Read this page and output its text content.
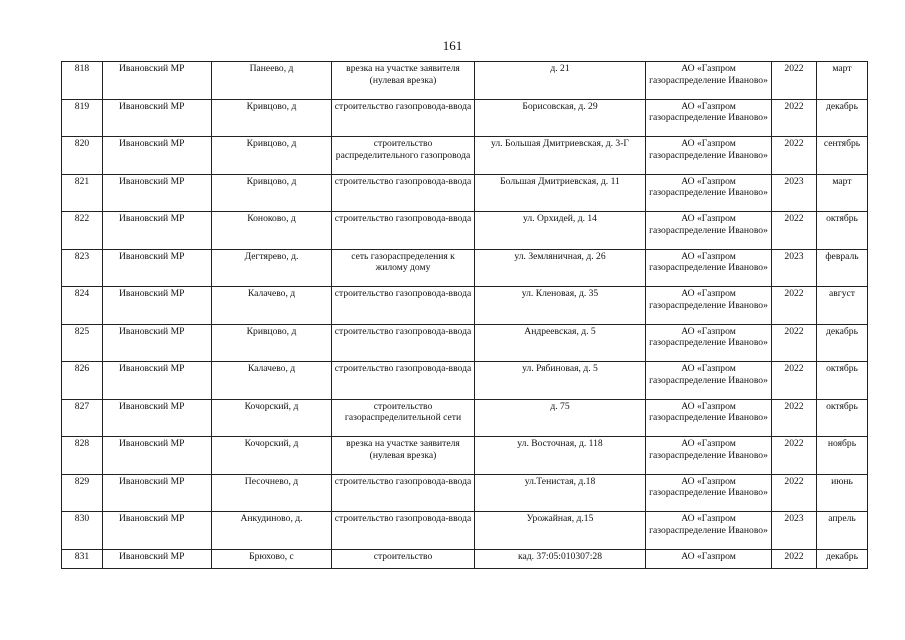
161
818	Ивановский МР	Панеево, д	врезка на участке заявителя (нулевая врезка)	д. 21	АО «Газпром газораспределение Иваново»	2022	март
819	Ивановский МР	Кривцово, д	строительство газопровода-ввода	Борисовская, д. 29	АО «Газпром газораспределение Иваново»	2022	декабрь
820	Ивановский МР	Кривцово, д	строительство распределительного газопровода	ул. Большая Дмитриевская, д. 3-Г	АО «Газпром газораспределение Иваново»	2022	сентябрь
821	Ивановский МР	Кривцово, д	строительство газопровода-ввода	Большая Дмитриевская, д. 11	АО «Газпром газораспределение Иваново»	2023	март
822	Ивановский МР	Коноково, д	строительство газопровода-ввода	ул. Орхидей, д. 14	АО «Газпром газораспределение Иваново»	2022	октябрь
823	Ивановский МР	Дегтярево, д.	сеть газораспределения к жилому дому	ул. Земляничная, д. 26	АО «Газпром газораспределение Иваново»	2023	февраль
824	Ивановский МР	Калачево, д	строительство газопровода-ввода	ул. Кленовая, д. 35	АО «Газпром газораспределение Иваново»	2022	август
825	Ивановский МР	Кривцово, д	строительство газопровода-ввода	Андреевская, д. 5	АО «Газпром газораспределение Иваново»	2022	декабрь
826	Ивановский МР	Калачево, д	строительство газопровода-ввода	ул. Рябиновая, д. 5	АО «Газпром газораспределение Иваново»	2022	октябрь
827	Ивановский МР	Кочорский, д	строительство газораспределительной сети	д. 75	АО «Газпром газораспределение Иваново»	2022	октябрь
828	Ивановский МР	Кочорский, д	врезка на участке заявителя (нулевая врезка)	ул. Восточная, д. 118	АО «Газпром газораспределение Иваново»	2022	ноябрь
829	Ивановский МР	Песочнево, д	строительство газопровода-ввода	ул.Тенистая, д.18	АО «Газпром газораспределение Иваново»	2022	июнь
830	Ивановский МР	Анкудиново, д.	строительство газопровода-ввода	Урожайная, д.15	АО «Газпром газораспределение Иваново»	2023	апрель
831	Ивановский МР	Брюхово, с	строительство	кад. 37:05:010307:28	АО «Газпром	2022	декабрь
